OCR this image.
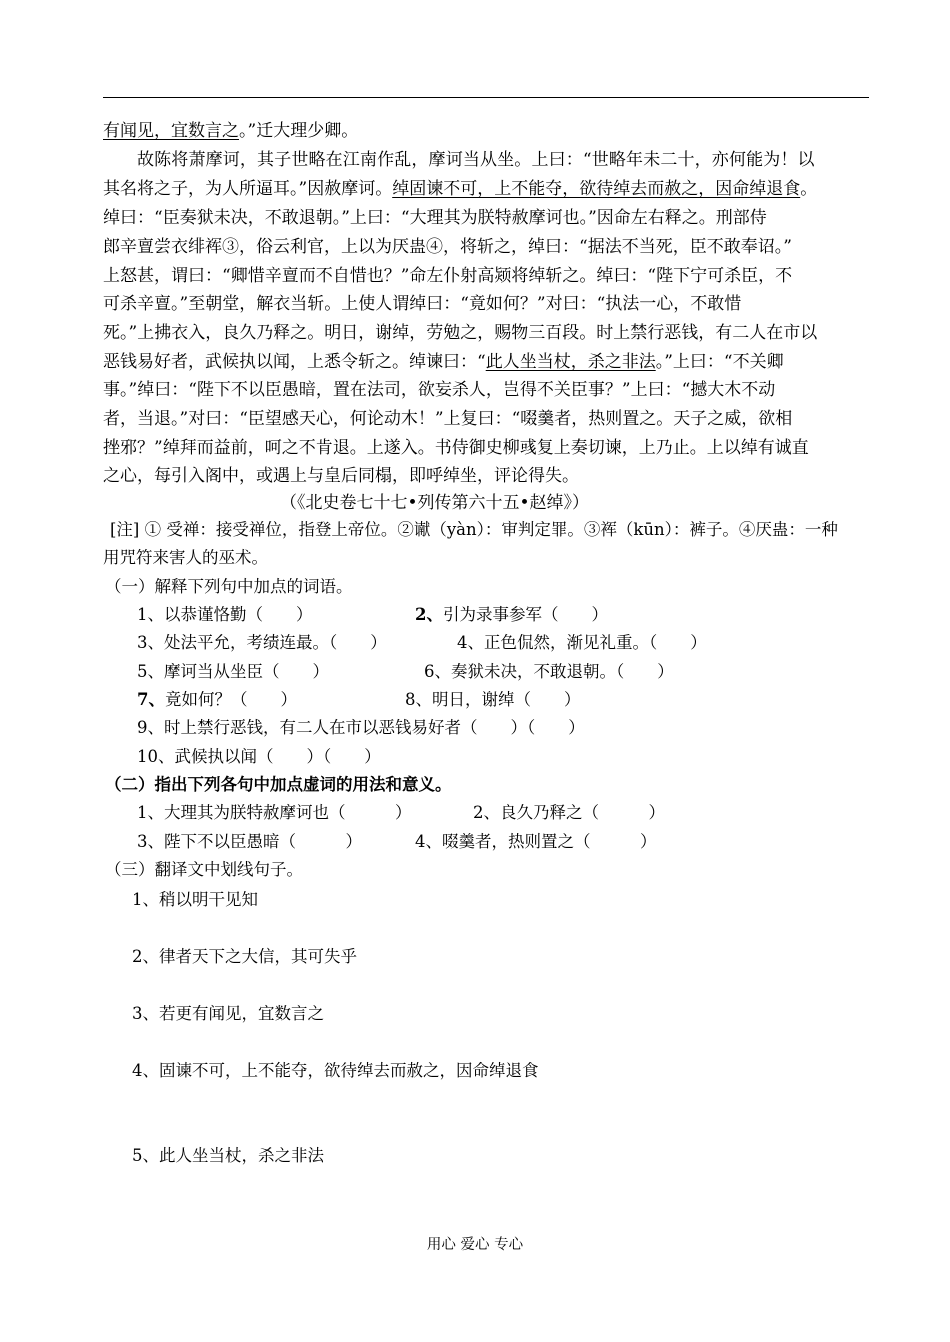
有闻见，宜数言之。”迁大理少卿。
故陈将萧摩诃，其子世略在江南作乱，摩诃当从坐。上曰：“世略年未二十，亦何能为！以
其名将之子，为人所逼耳。”因赦摩诃。绰固谏不可，上不能夺，欲待绰去而赦之，因命绰退食。
绰曰：“臣奏狱未决，不敢退朝。”上曰：“大理其为朕特赦摩诃也。”因命左右释之。刑部侍
郎辛亶尝衣绯裈③，俗云利官，上以为厌蛊④，将斩之，绰曰：“据法不当死，臣不敢奉诏。”
上怒甚，谓曰：“卿惜辛亶而不自惜也？”命左仆射高颎将绰斩之。绰曰：“陛下宁可杀臣，不
可杀辛亶。”至朝堂，解衣当斩。上使人谓绰曰：“竟如何？”对曰：“执法一心，不敢惜
死。”上拂衣入，良久乃释之。明日，谢绰，劳勉之，赐物三百段。时上禁行恶钱，有二人在市以
恶钱易好者，武候执以闻，上悉令斩之。绰谏曰：“此人坐当杖，杀之非法。”上曰：“不关卿
事。”绰曰：“陛下不以臣愚暗，置在法司，欲妄杀人，岂得不关臣事？”上曰：“撼大木不动
者，当退。”对曰：“臣望感天心，何论动木！”上复曰：“啜羹者，热则置之。天子之威，欲相
挫邪？”绰拜而益前，呵之不肯退。上遂入。书侍御史柳彧复上奏切谏，上乃止。上以绰有诚直
之心，每引入阁中，或遇上与皇后同榻，即呼绰坐，评论得失。
（《北史卷七十七•列传第六十五•赵绰》）
[注] ① 受禅：接受禅位，指登上帝位。②谳（yàn）：审判定罪。③裈（kūn）：裤子。④厌蛊：一种
用咒符来害人的巫术。
（一）解释下列句中加点的词语。
1、以恭谨恪勤（　　）	2、引为录事参军（　　）
3、处法平允，考绩连最。（　　）	4、正色侃然，渐见礼重。（　　）
5、摩诃当从坐臣（　　）	6、奏狱未决，不敢退朝。（　　）
7、竟如何？（　　）	8、明日，谢绰（　　）
9、时上禁行恶钱，有二人在市以恶钱易好者（　　）（　　）
10、武候执以闻（　　）（　　）
（二）指出下列各句中加点虚词的用法和意义。
1、大理其为朕特赦摩诃也（　　　）	2、良久乃释之（　　　）
3、陛下不以臣愚暗（　　　）	4、啜羹者，热则置之（　　　）
（三）翻译文中划线句子。
1、稍以明干见知
2、律者天下之大信，其可失乎
3、若更有闻见，宜数言之
4、固谏不可，上不能夺，欲待绰去而赦之，因命绰退食
5、此人坐当杖，杀之非法
用心 爱心 专心
